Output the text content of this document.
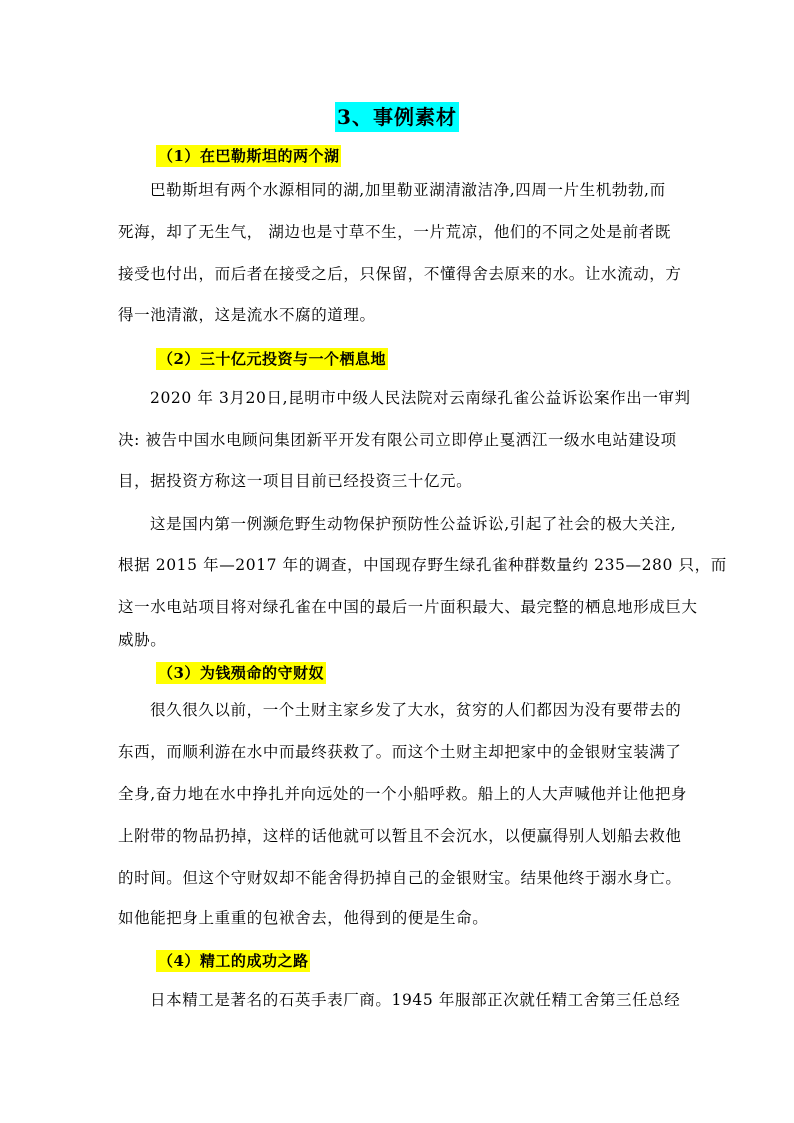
3、事例素材
（1）在巴勒斯坦的两个湖
巴勒斯坦有两个水源相同的湖,加里勒亚湖清澈洁净,四周一片生机勃勃,而
死海，却了无生气， 湖边也是寸草不生，一片荒凉，他们的不同之处是前者既
接受也付出，而后者在接受之后，只保留，不懂得舍去原来的水。让水流动，方
得一池清澈，这是流水不腐的道理。
（2）三十亿元投资与一个栖息地
2020 年 3月20日,昆明市中级人民法院对云南绿孔雀公益诉讼案作出一审判
决: 被告中国水电顾问集团新平开发有限公司立即停止戛洒江一级水电站建设项
目，据投资方称这一项目目前已经投资三十亿元。
这是国内第一例濒危野生动物保护预防性公益诉讼,引起了社会的极大关注,
根据 2015 年—2017 年的调查，中国现存野生绿孔雀种群数量约 235—280 只，而
这一水电站项目将对绿孔雀在中国的最后一片面积最大、最完整的栖息地形成巨大
威胁。
（3）为钱殒命的守财奴
很久很久以前，一个土财主家乡发了大水，贫穷的人们都因为没有要带去的
东西，而顺利游在水中而最终获救了。而这个土财主却把家中的金银财宝装满了
全身,奋力地在水中挣扎并向远处的一个小船呼救。船上的人大声喊他并让他把身
上附带的物品扔掉，这样的话他就可以暂且不会沉水，以便赢得别人划船去救他
的时间。但这个守财奴却不能舍得扔掉自己的金银财宝。结果他终于溺水身亡。
如他能把身上重重的包袱舍去，他得到的便是生命。
（4）精工的成功之路
日本精工是著名的石英手表厂商。1945 年服部正次就任精工舍第三任总经
